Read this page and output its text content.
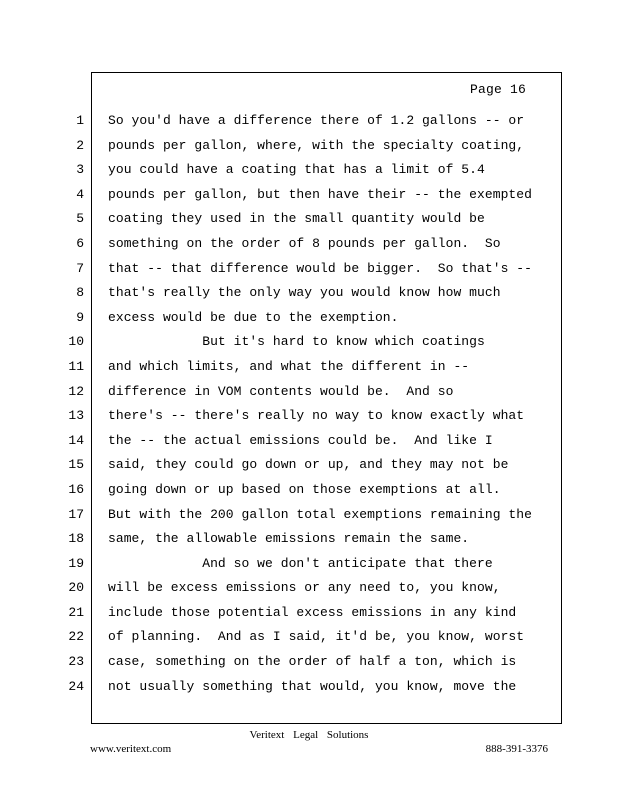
Page 16
1
2
3
4
5
6
7
8
9
10
11
12
13
14
15
16
17
18
19
20
21
22
23
24
So you'd have a difference there of 1.2 gallons -- or
pounds per gallon, where, with the specialty coating,
you could have a coating that has a limit of 5.4
pounds per gallon, but then have their -- the exempted
coating they used in the small quantity would be
something on the order of 8 pounds per gallon.  So
that -- that difference would be bigger.  So that's --
that's really the only way you would know how much
excess would be due to the exemption.
But it's hard to know which coatings
and which limits, and what the different in --
difference in VOM contents would be.  And so
there's -- there's really no way to know exactly what
the -- the actual emissions could be.  And like I
said, they could go down or up, and they may not be
going down or up based on those exemptions at all.
But with the 200 gallon total exemptions remaining the
same, the allowable emissions remain the same.
And so we don't anticipate that there
will be excess emissions or any need to, you know,
include those potential excess emissions in any kind
of planning.  And as I said, it'd be, you know, worst
case, something on the order of half a ton, which is
not usually something that would, you know, move the
Veritext Legal Solutions
www.veritext.com	888-391-3376
